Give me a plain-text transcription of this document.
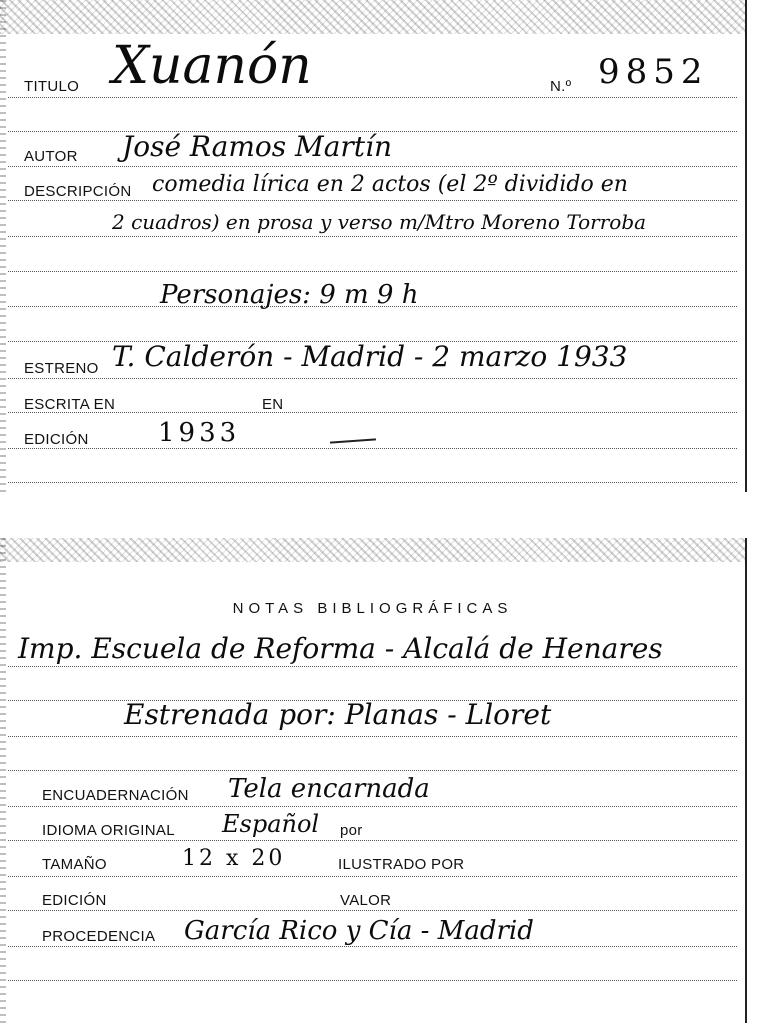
TITULO Xuanón	N.º 9852
AUTOR José Ramos Martín
DESCRIPCIÓN comedia lírica en 2 actos (el 2º dividido en
2 cuadros) en prosa y verso m/Mtro Moreno Torroba
Personajes: 9 m 9 h
ESTRENO T. Calderón - Madrid - 2 marzo 1933
ESCRITA EN	EN
EDICIÓN	1933
NOTAS BIBLIOGRÁFICAS
Imp. Escuela de Reforma - Alcalá de Henares
Estrenada por: Planas - Lloret
ENCUADERNACIÓN Tela encarnada
IDIOMA ORIGINAL Español por
TAMAÑO	12 x 20	ILUSTRADO POR
EDICIÓN	VALOR
PROCEDENCIA García Rico y Cía - Madrid
